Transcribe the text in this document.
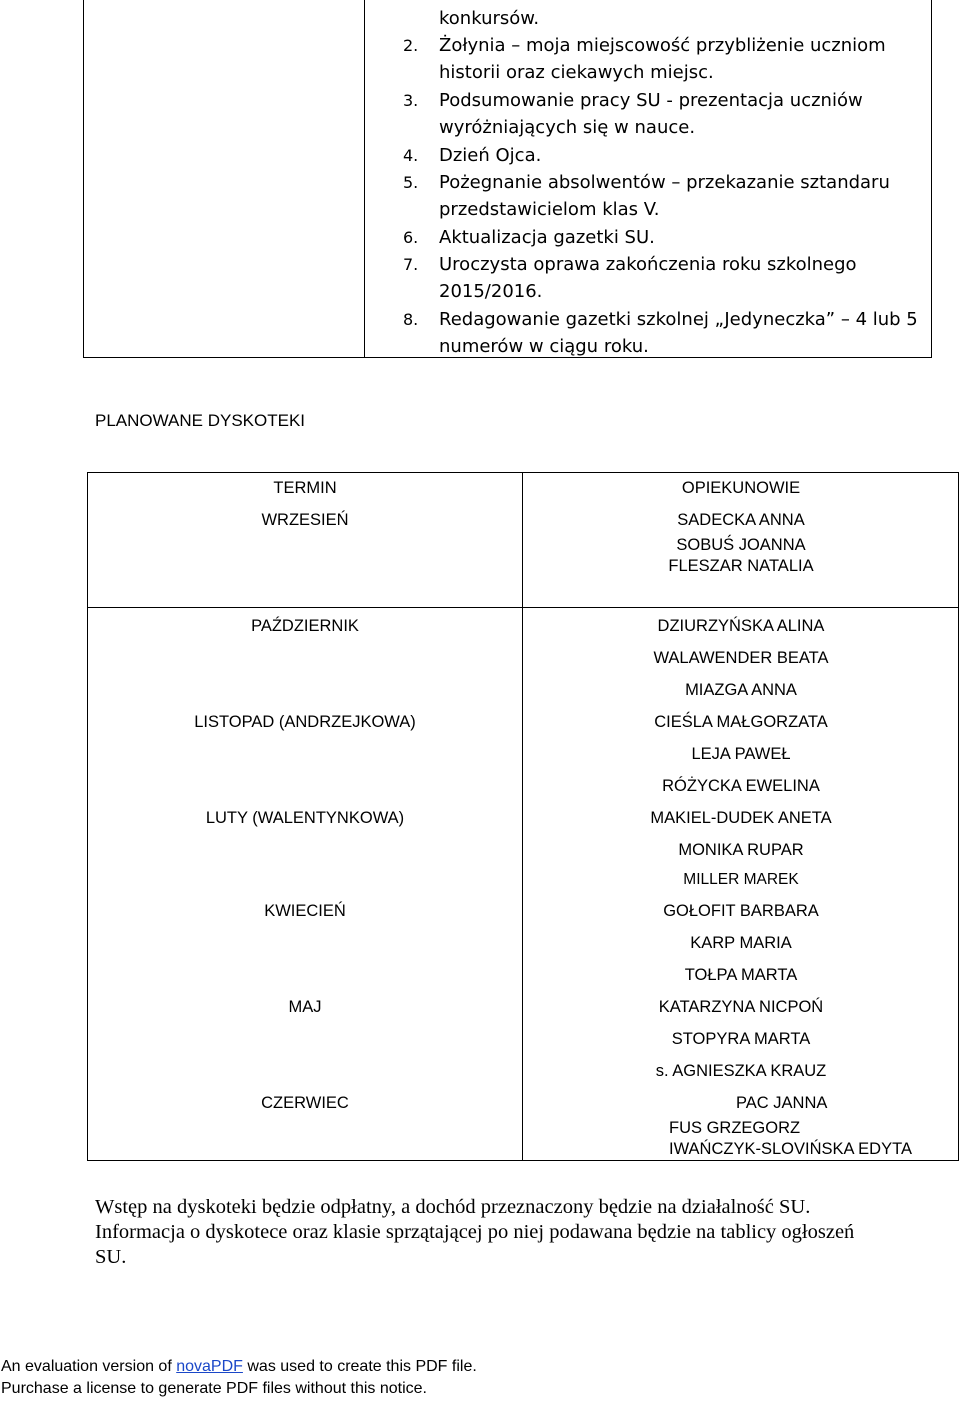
konkursów.
2. Żołynia – moja miejscowość przybliżenie uczniom
historii oraz ciekawych miejsc.
3. Podsumowanie pracy SU - prezentacja uczniów
wyróżniających się w nauce.
4. Dzień Ojca.
5. Pożegnanie absolwentów – przekazanie sztandaru
przedstawicielom klas V.
6. Aktualizacja gazetki SU.
7. Uroczysta oprawa zakończenia roku szkolnego
2015/2016.
8. Redagowanie gazetki szkolnej „Jedyneczka” – 4 lub 5
numerów w ciągu roku.
PLANOWANE DYSKOTEKI
TERMIN	OPIEKUNOWIE
WRZESIEŃ	SADECKA ANNA
SOBUŚ JOANNA
FLESZAR NATALIA
PAŹDZIERNIK	DZIURZYŃSKA ALINA
WALAWENDER BEATA
MIAZGA ANNA
LISTOPAD (ANDRZEJKOWA)	CIEŚLA MAŁGORZATA
LEJA PAWEŁ
RÓŻYCKA EWELINA
LUTY (WALENTYNKOWA)	MAKIEL-DUDEK ANETA
MONIKA RUPAR
MILLER MAREK
KWIECIEŃ	GOŁOFIT BARBARA
KARP MARIA
TOŁPA MARTA
MAJ	KATARZYNA NICPOŃ
STOPYRA MARTA
s. AGNIESZKA KRAUZ
CZERWIEC	PAC JANNA
FUS GRZEGORZ
IWAŃCZYK-SLOVIŃSKA EDYTA
Wstęp na dyskoteki będzie odpłatny, a dochód przeznaczony będzie na działalność SU.
Informacja o dyskotece oraz klasie sprzątającej po niej podawana będzie na tablicy ogłoszeń
SU.
An evaluation version of novaPDF was used to create this PDF file.
Purchase a license to generate PDF files without this notice.
